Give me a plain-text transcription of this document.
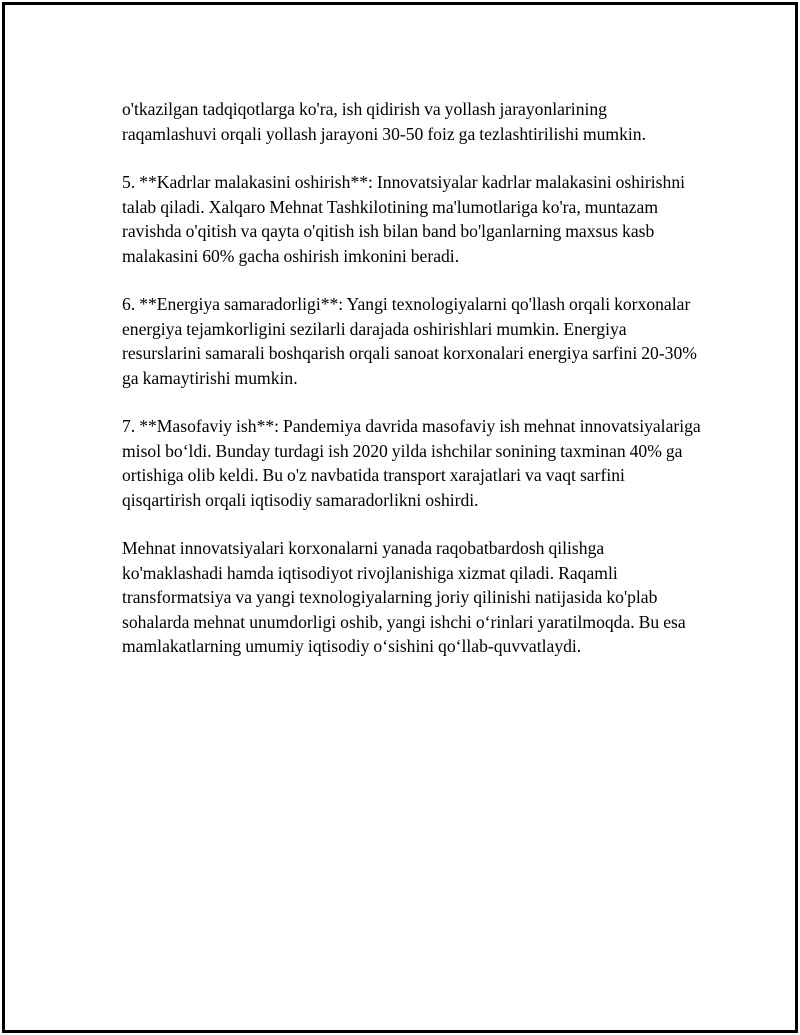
o'tkazilgan tadqiqotlarga ko'ra, ish qidirish va yollash jarayonlarining raqamlashuvi orqali yollash jarayoni 30-50 foiz ga tezlashtirilishi mumkin.

5. **Kadrlar malakasini oshirish**: Innovatsiyalar kadrlar malakasini oshirishni talab qiladi. Xalqaro Mehnat Tashkilotining ma'lumotlariga ko'ra, muntazam ravishda o'qitish va qayta o'qitish ish bilan band bo'lganlarning maxsus kasb malakasini 60% gacha oshirish imkonini beradi.

6. **Energiya samaradorligi**: Yangi texnologiyalarni qo'llash orqali korxonalar energiya tejamkorligini sezilarli darajada oshirishlari mumkin. Energiya resurslarini samarali boshqarish orqali sanoat korxonalari energiya sarfini 20-30% ga kamaytirishi mumkin.

7. **Masofaviy ish**: Pandemiya davrida masofaviy ish mehnat innovatsiyalariga misol bo‘ldi. Bunday turdagi ish 2020 yilda ishchilar sonining taxminan 40% ga ortishiga olib keldi. Bu o'z navbatida transport xarajatlari va vaqt sarfini qisqartirish orqali iqtisodiy samaradorlikni oshirdi.

Mehnat innovatsiyalari korxonalarni yanada raqobatbardosh qilishga ko'maklashadi hamda iqtisodiyot rivojlanishiga xizmat qiladi. Raqamli transformatsiya va yangi texnologiyalarning joriy qilinishi natijasida ko'plab sohalarda mehnat unumdorligi oshib, yangi ishchi o‘rinlari yaratilmoqda. Bu esa mamlakatlarning umumiy iqtisodiy o‘sishini qo‘llab-quvvatlaydi.
